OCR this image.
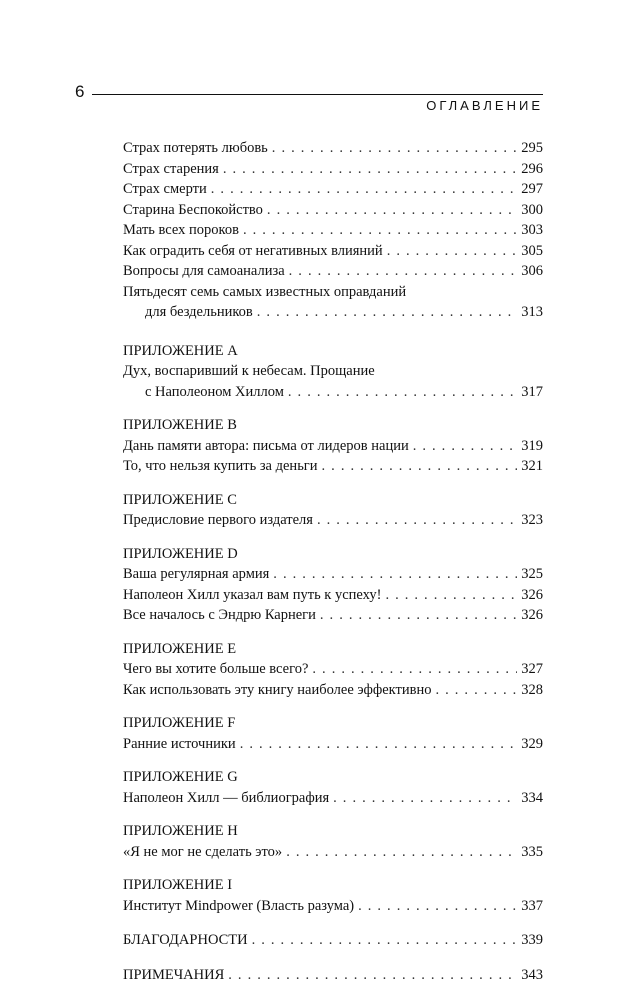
6
ОГЛАВЛЕНИЕ
Страх потерять любовь . . .	295
Страх старения . . .	296
Страх смерти . . .	297
Старина Беспокойство . . .	300
Мать всех пороков . . .	303
Как оградить себя от негативных влияний . . .	305
Вопросы для самоанализа . . .	306
Пятьдесят семь самых известных оправданий
для бездельников . . .	313
ПРИЛОЖЕНИЕ A
Дух, воспаривший к небесам. Прощание
с Наполеоном Хиллом . . .	317
ПРИЛОЖЕНИЕ B
Дань памяти автора: письма от лидеров нации . . .	319
То, что нельзя купить за деньги . . .	321
ПРИЛОЖЕНИЕ C
Предисловие первого издателя . . .	323
ПРИЛОЖЕНИЕ D
Ваша регулярная армия . . .	325
Наполеон Хилл указал вам путь к успеху! . . .	326
Все началось с Эндрю Карнеги . . .	326
ПРИЛОЖЕНИЕ E
Чего вы хотите больше всего? . . .	327
Как использовать эту книгу наиболее эффективно . . .	328
ПРИЛОЖЕНИЕ F
Ранние источники . . .	329
ПРИЛОЖЕНИЕ G
Наполеон Хилл — библиография . . .	334
ПРИЛОЖЕНИЕ H
«Я не мог не сделать это» . . .	335
ПРИЛОЖЕНИЕ I
Институт Mindpower (Власть разума) . . .	337
БЛАГОДАРНОСТИ . . .	339
ПРИМЕЧАНИЯ . . .	343
